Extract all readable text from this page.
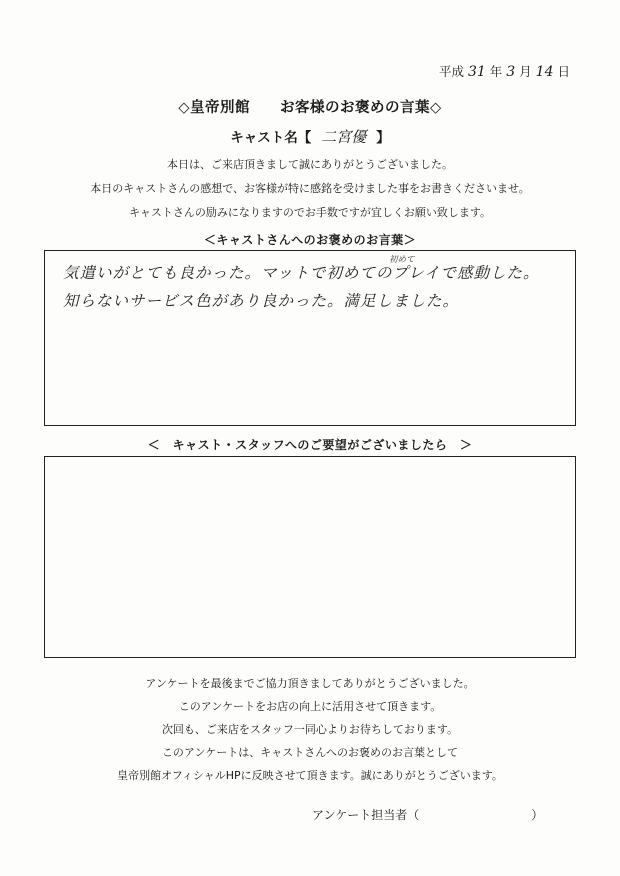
平成 31 年 3 月 14 日
◇皇帝別館　　お客様のお褒めの言葉◇
キャスト名【 二宮優 】
本日は、ご来店頂きまして誠にありがとうございました。
本日のキャストさんの感想で、お客様が特に感銘を受けました事をお書きくださいませ。
キャストさんの励みになりますのでお手数ですが宜しくお願い致します。
＜キャストさんへのお褒めのお言葉＞
初めて
気遣いがとても良かった。マットで初めてのプレイで感動した。
知らないサービス色があり良かった。満足しました。
＜　キャスト・スタッフへのご要望がございましたら　＞
アンケートを最後までご協力頂きましてありがとうございました。
このアンケートをお店の向上に活用させて頂きます。
次回も、ご来店をスタッフ一同心よりお待ちしております。
このアンケートは、キャストさんへのお褒めのお言葉として
皇帝別館オフィシャルHPに反映させて頂きます。誠にありがとうございます。
アンケート担当者（	）
